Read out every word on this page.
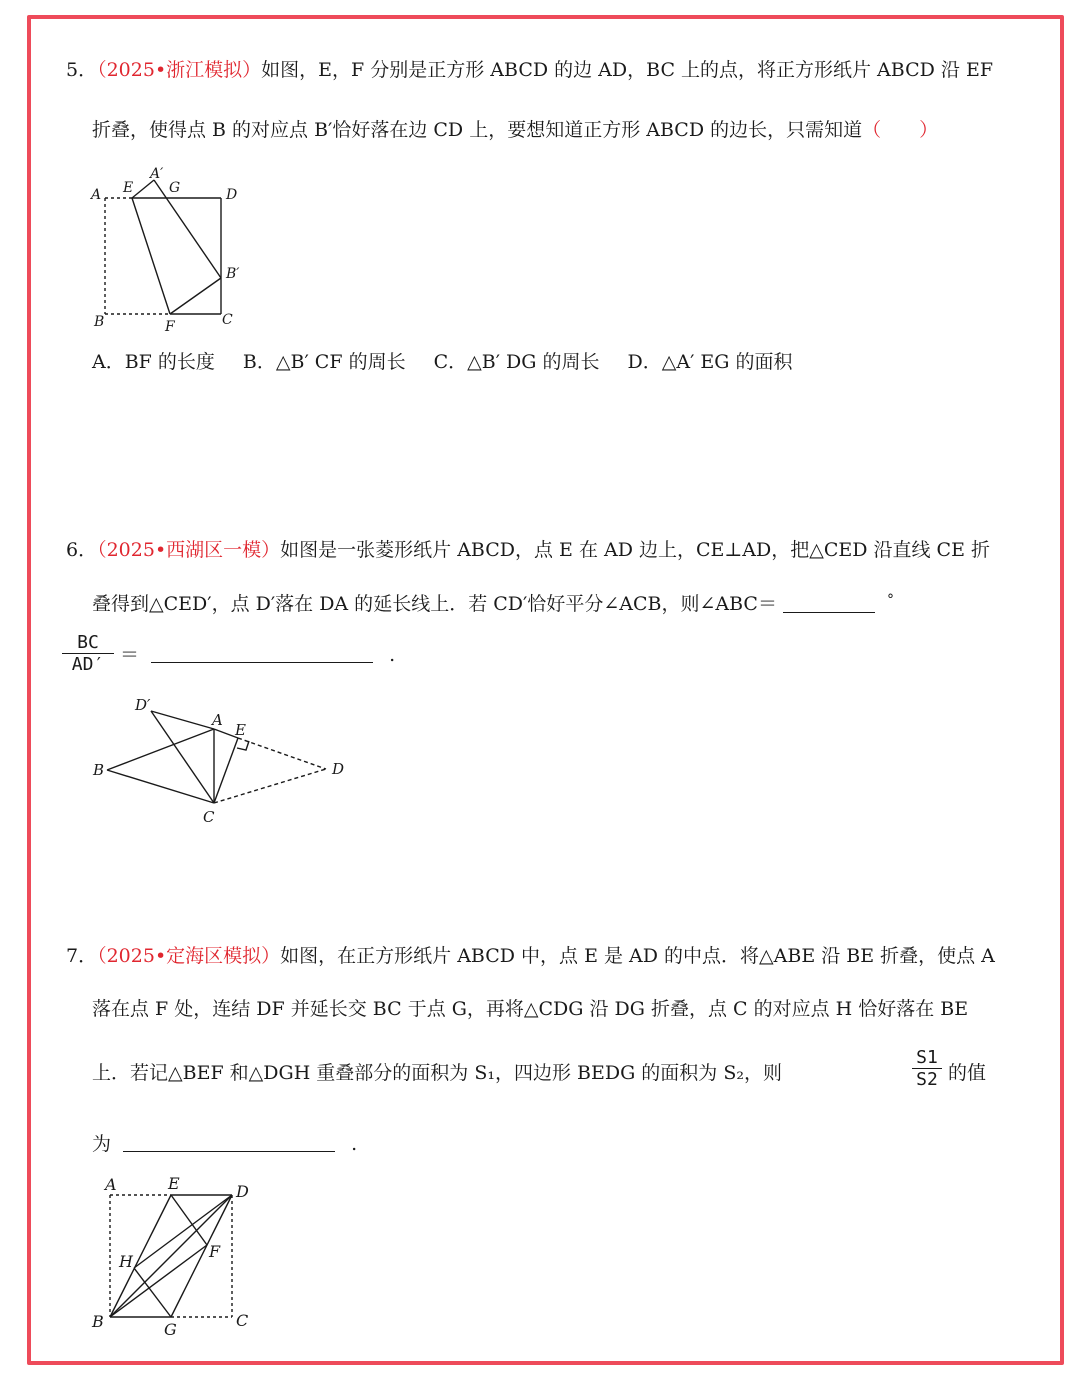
5．（2025•浙江模拟）如图，E，F 分别是正方形 ABCD 的边 AD，BC 上的点，将正方形纸片 ABCD 沿 EF
折叠，使得点 B 的对应点 B′恰好落在边 CD 上，要想知道正方形 ABCD 的边长，只需知道（　　）
A E
A′
G	D
B′
B	F	C
A．BF 的长度 B．△B′ CF 的周长 C．△B′ DG 的周长 D．△A′ EG 的面积
6．（2025•西湖区一模）如图是一张菱形纸片 ABCD，点 E 在 AD 边上，CE⊥AD，把△CED 沿直线 CE 折
叠得到△CED′，点 D′落在 DA 的延长线上．若 CD′恰好平分∠ACB，则∠ABC＝	°
$\frac{BC}{AD'}$ ＝	.
D′
A
E
B	D
C
7．（2025•定海区模拟）如图，在正方形纸片 ABCD 中，点 E 是 AD 的中点．将△ABE 沿 BE 折叠，使点 A
落在点 F 处，连结 DF 并延长交 BC 于点 G，再将△CDG 沿 DG 折叠，点 C 的对应点 H 恰好落在 BE
上．若记△BEF 和△DGH 重叠部分的面积为 S₁，四边形 BEDG 的面积为 S₂，则	$\frac{S1}{S2}$ 的值
为	.
A	E	D
H
F
B	G	C
